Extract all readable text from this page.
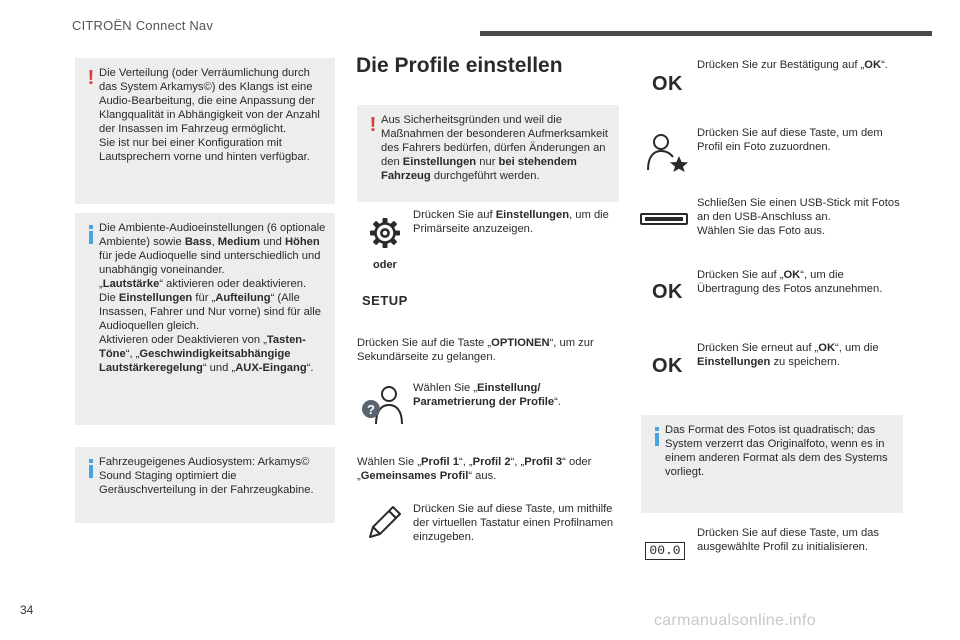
CITROËN Connect Nav
! Die Verteilung (oder Verräumlichung durch das System Arkamys©) des Klangs ist eine Audio-Bearbeitung, die eine Anpassung der Klangqualität in Abhängigkeit von der Anzahl der Insassen im Fahrzeug ermöglicht.
Sie ist nur bei einer Konfiguration mit Lautsprechern vorne und hinten verfügbar.
Die Ambiente-Audioeinstellungen (6 optionale Ambiente) sowie Bass, Medium und Höhen für jede Audioquelle sind unterschiedlich und unabhängig voneinander.
„Lautstärke“ aktivieren oder deaktivieren.
Die Einstellungen für „Aufteilung“ (Alle Insassen, Fahrer und Nur vorne) sind für alle Audioquellen gleich.
Aktivieren oder Deaktivieren von „Tasten-Töne“, „Geschwindigkeitsabhängige Lautstärkeregelung“ und „AUX-Eingang“.
Fahrzeugeigenes Audiosystem: Arkamys© Sound Staging optimiert die Geräuschverteilung in der Fahrzeugkabine.
Die Profile einstellen
! Aus Sicherheitsgründen und weil die Maßnahmen der besonderen Aufmerksamkeit des Fahrers bedürfen, dürfen Änderungen an den Einstellungen nur bei stehendem Fahrzeug durchgeführt werden.
oder
SETUP
Drücken Sie auf Einstellungen, um die Primärseite anzuzeigen.
Drücken Sie auf die Taste „OPTIONEN“, um zur Sekundärseite zu gelangen.
?
Wählen Sie „Einstellung/ Parametrierung der Profile“.
Wählen Sie „Profil 1“, „Profil 2“, „Profil 3“ oder „Gemeinsames Profil“ aus.
Drücken Sie auf diese Taste, um mithilfe der virtuellen Tastatur einen Profilnamen einzugeben.
OK
Drücken Sie zur Bestätigung auf „OK“.
Drücken Sie auf diese Taste, um dem Profil ein Foto zuzuordnen.
Schließen Sie einen USB-Stick mit Fotos an den USB-Anschluss an.
Wählen Sie das Foto aus.
OK
Drücken Sie auf „OK“, um die Übertragung des Fotos anzunehmen.
OK
Drücken Sie erneut auf „OK“, um die Einstellungen zu speichern.
Das Format des Fotos ist quadratisch; das System verzerrt das Originalfoto, wenn es in einem anderen Format als dem des Systems vorliegt.
00.0
Drücken Sie auf diese Taste, um das ausgewählte Profil zu initialisieren.
34
carmanualsonline.info
